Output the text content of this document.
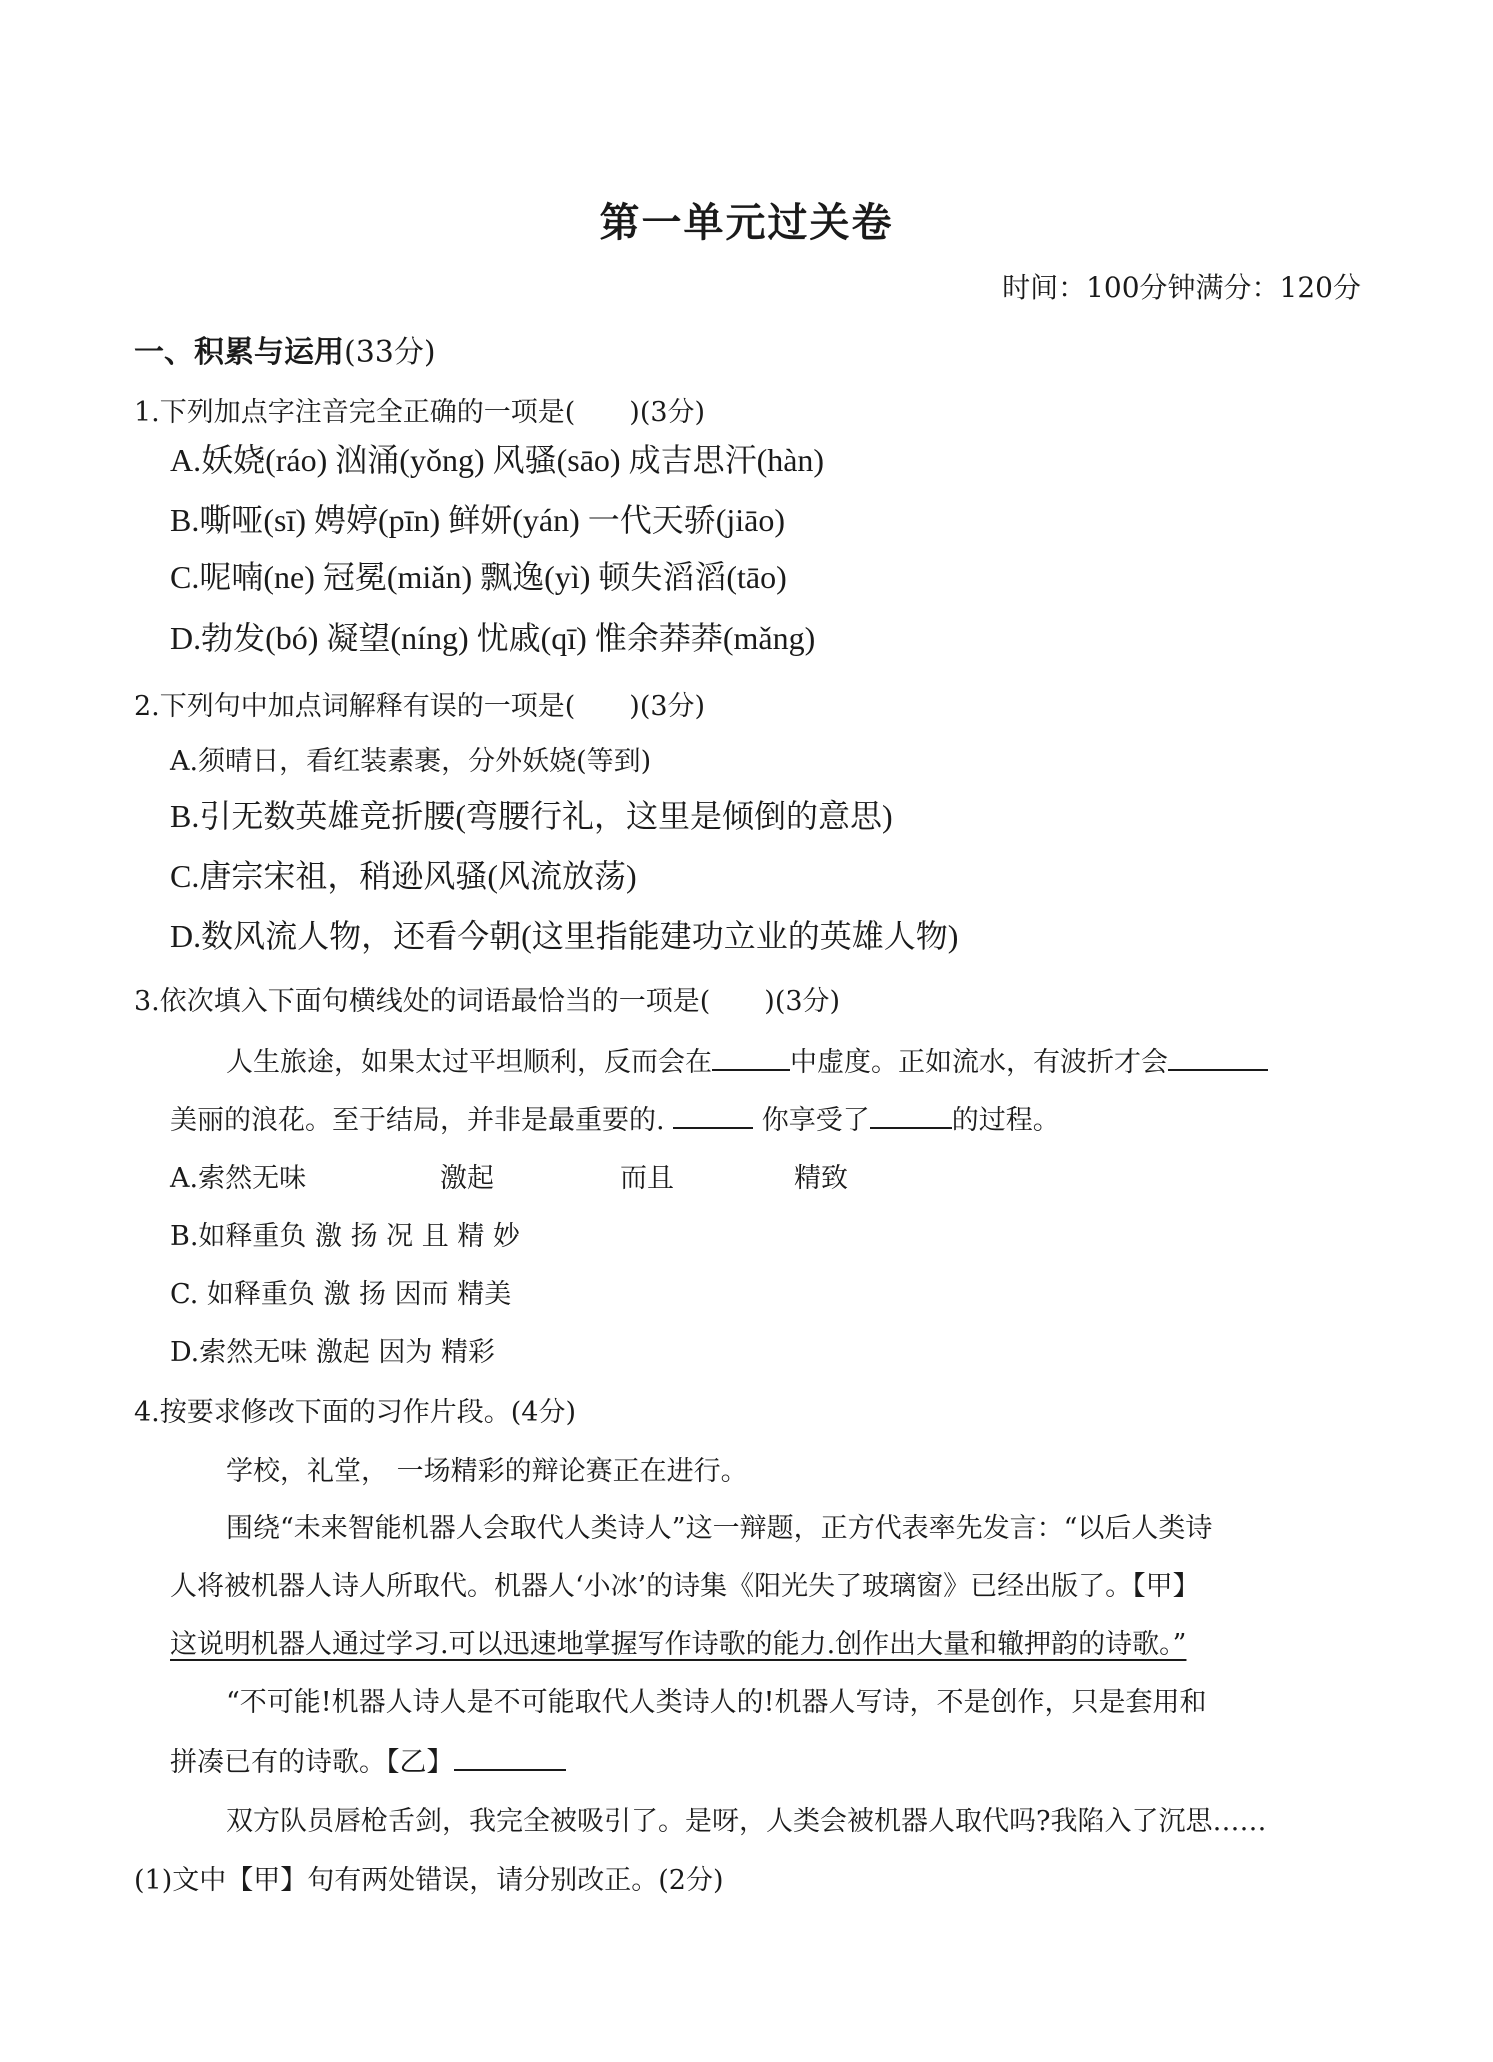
第一单元过关卷
时间：100分钟满分：120分
一、积累与运用(33分)
1.下列加点字注音完全正确的一项是(　　)(3分)
A.妖娆(ráo) 汹涌(yǒng) 风骚(sāo) 成吉思汗(hàn)
B.嘶哑(sī) 娉婷(pīn) 鲜妍(yán) 一代天骄(jiāo)
C.呢喃(ne) 冠冕(miǎn) 飘逸(yì) 顿失滔滔(tāo)
D.勃发(bó) 凝望(níng) 忧戚(qī) 惟余莽莽(mǎng)
2.下列句中加点词解释有误的一项是(　　)(3分)
A.须晴日，看红装素裹，分外妖娆(等到)
B.引无数英雄竞折腰(弯腰行礼，这里是倾倒的意思)
C.唐宗宋祖，稍逊风骚(风流放荡)
D.数风流人物，还看今朝(这里指能建功立业的英雄人物)
3.依次填入下面句横线处的词语最恰当的一项是(　　)(3分)
人生旅途，如果太过平坦顺利，反而会在	中虚度。正如流水，有波折才会
美丽的浪花。至于结局，并非是最重要的.	你享受了	的过程。
A.索然无味	激起	而且	精致
B.如释重负 激 扬 况 且 精 妙
C. 如释重负 激 扬 因而 精美
D.索然无味 激起 因为 精彩
4.按要求修改下面的习作片段。(4分)
学校，礼堂， 一场精彩的辩论赛正在进行。
围绕“未来智能机器人会取代人类诗人”这一辩题，正方代表率先发言：“以后人类诗
人将被机器人诗人所取代。机器人‘小冰’的诗集《阳光失了玻璃窗》已经出版了。【甲】
这说明机器人通过学习.可以迅速地掌握写作诗歌的能力.创作出大量和辙押韵的诗歌。”
“不可能!机器人诗人是不可能取代人类诗人的!机器人写诗，不是创作，只是套用和
拼凑已有的诗歌。【乙】
双方队员唇枪舌剑，我完全被吸引了。是呀，人类会被机器人取代吗?我陷入了沉思……
(1)文中【甲】句有两处错误，请分别改正。(2分)
